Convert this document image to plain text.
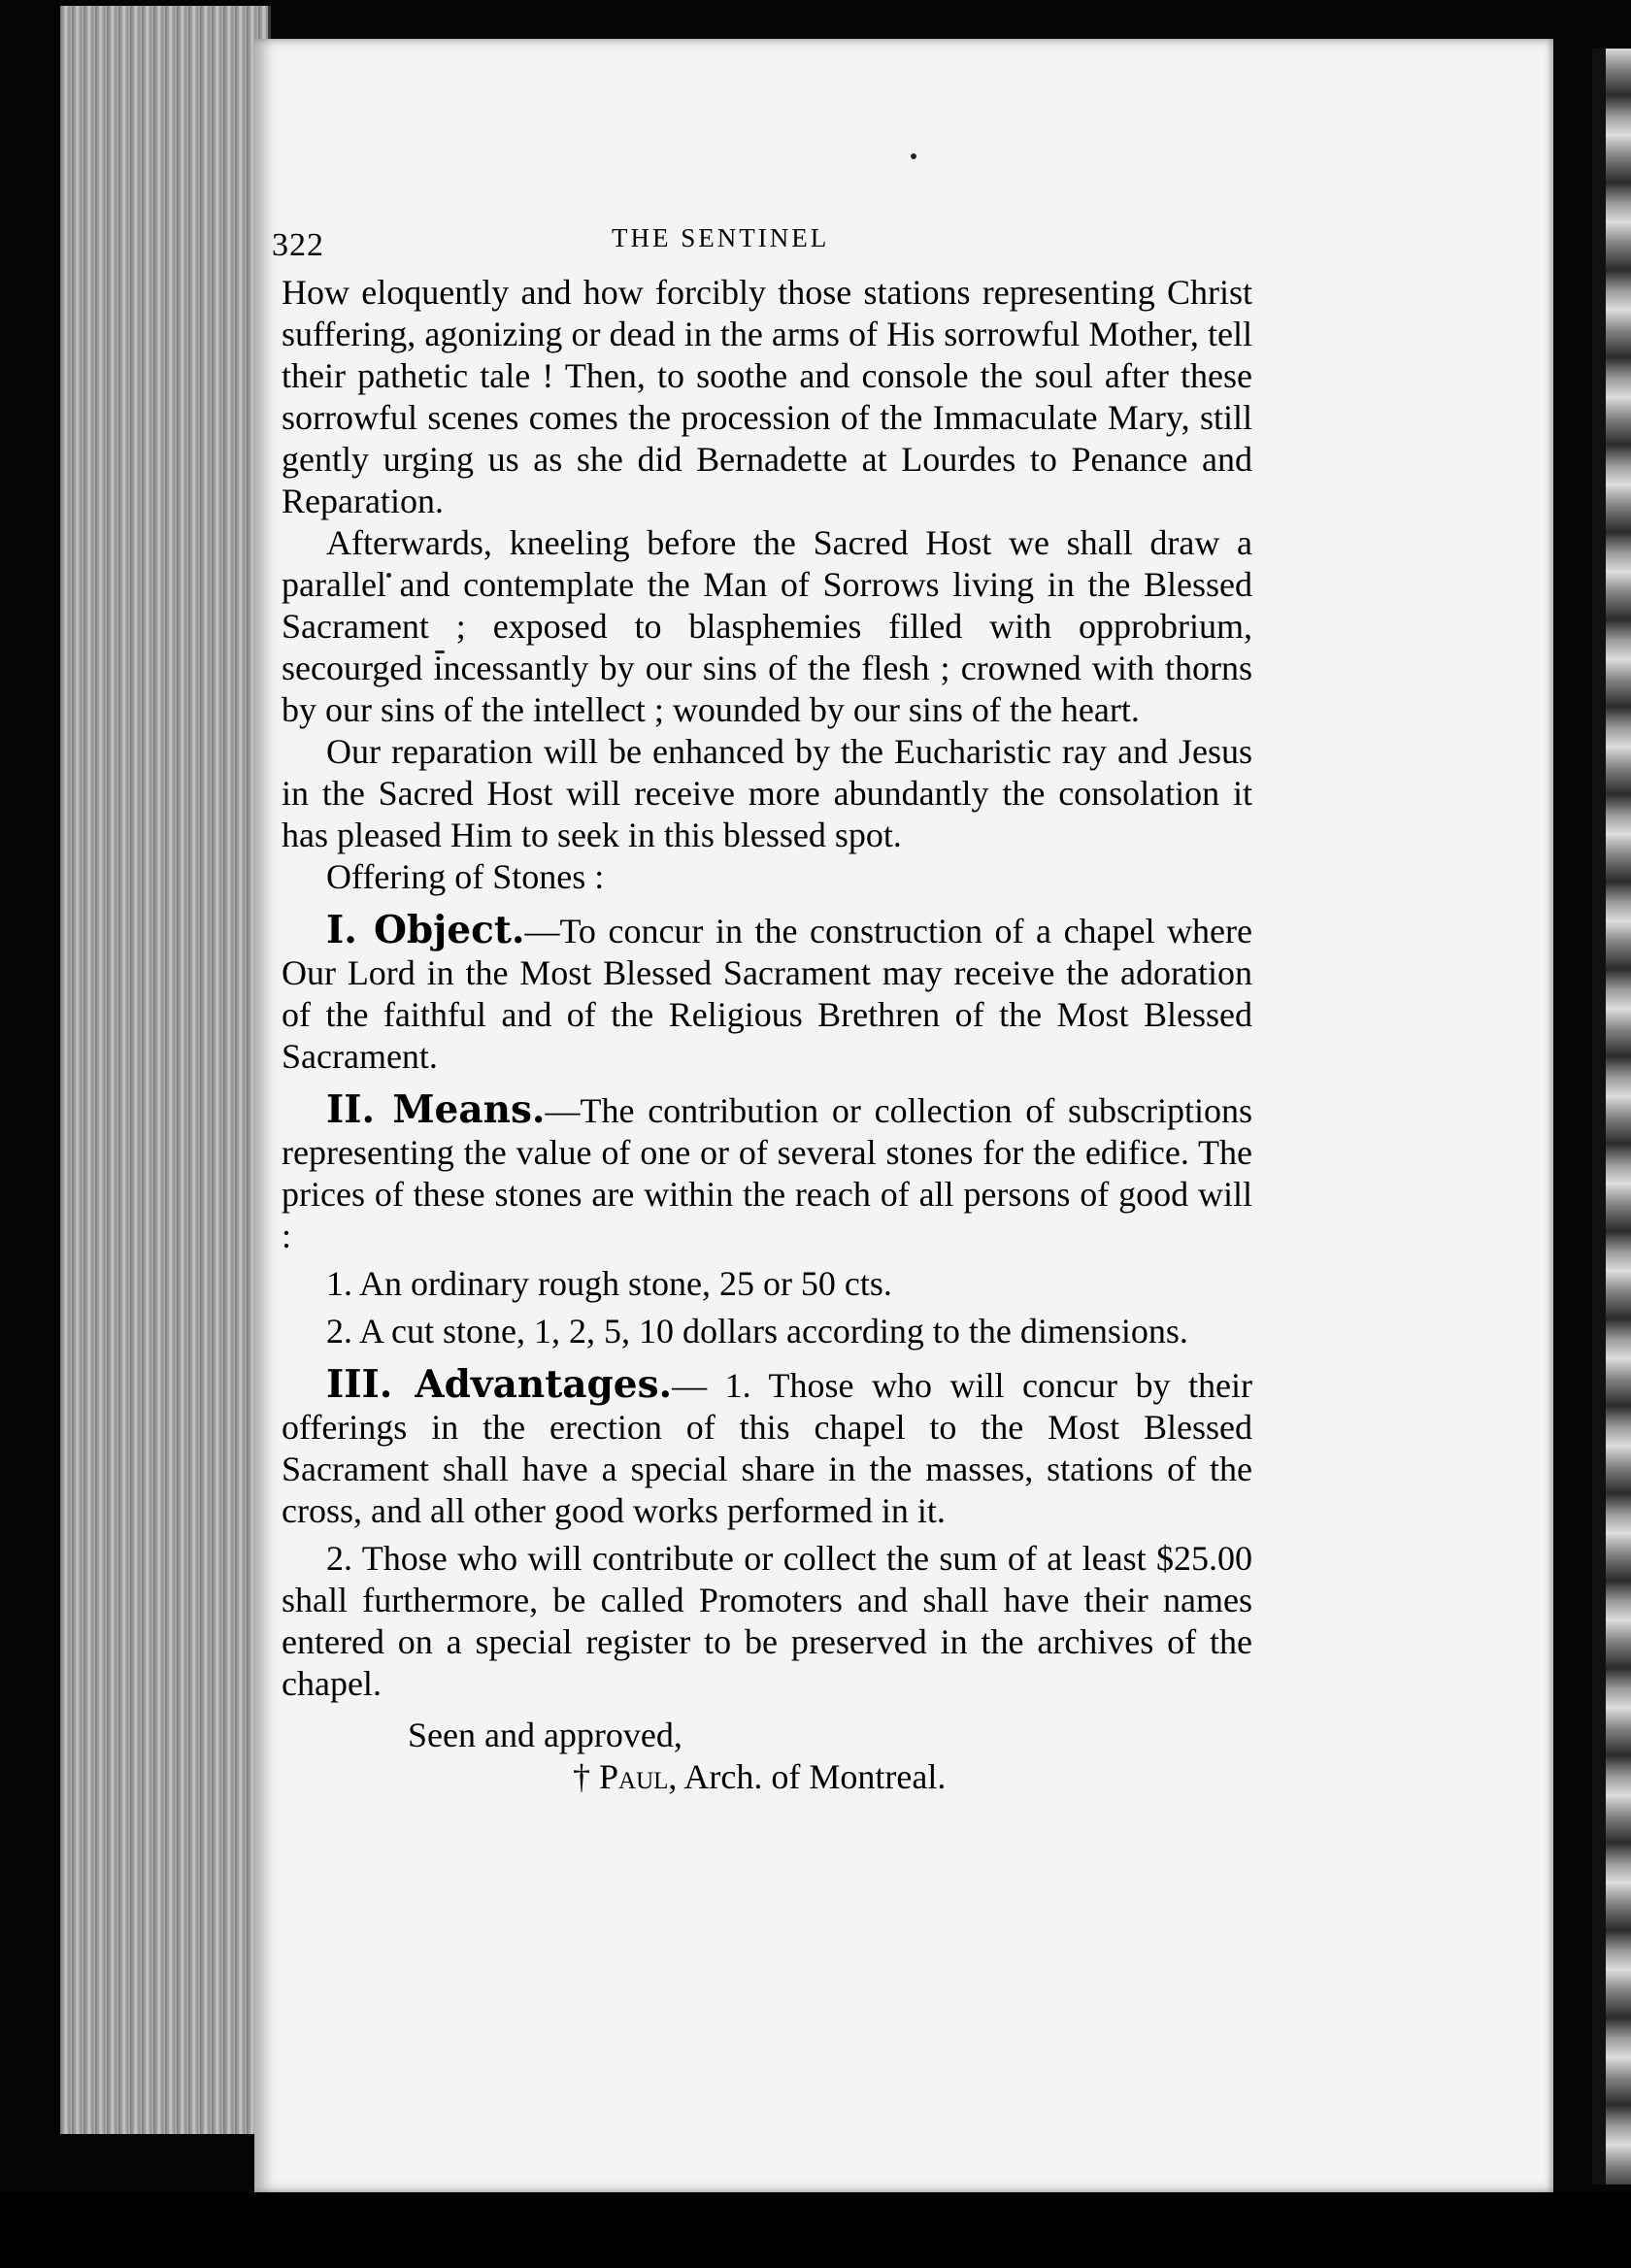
322	THE SENTINEL

How eloquently and how forcibly those stations representing Christ suffering, agonizing or dead in the arms of His sorrowful Mother, tell their pathetic tale ! Then, to soothe and console the soul after these sorrowful scenes comes the procession of the Immaculate Mary, still gently urging us as she did Bernadette at Lourdes to Penance and Reparation.

Afterwards, kneeling before the Sacred Host we shall draw a parallel and contemplate the Man of Sorrows living in the Blessed Sacrament ; exposed to blasphemies filled with opprobrium, secourged incessantly by our sins of the flesh ; crowned with thorns by our sins of the intellect ; wounded by our sins of the heart.

Our reparation will be enhanced by the Eucharistic ray and Jesus in the Sacred Host will receive more abundantly the consolation it has pleased Him to seek in this blessed spot.

Offering of Stones :

I. Object.—To concur in the construction of a chapel where Our Lord in the Most Blessed Sacrament may receive the adoration of the faithful and of the Religious Brethren of the Most Blessed Sacrament.

II. Means.—The contribution or collection of subscriptions representing the value of one or of several stones for the edifice. The prices of these stones are within the reach of all persons of good will :

1. An ordinary rough stone, 25 or 50 cts.

2. A cut stone, 1, 2, 5, 10 dollars according to the dimensions.

III. Advantages.— 1. Those who will concur by their offerings in the erection of this chapel to the Most Blessed Sacrament shall have a special share in the masses, stations of the cross, and all other good works performed in it.

2. Those who will contribute or collect the sum of at least $25.00 shall furthermore, be called Promoters and shall have their names entered on a special register to be preserved in the archives of the chapel.

Seen and approved,
† Paul, Arch. of Montreal.
